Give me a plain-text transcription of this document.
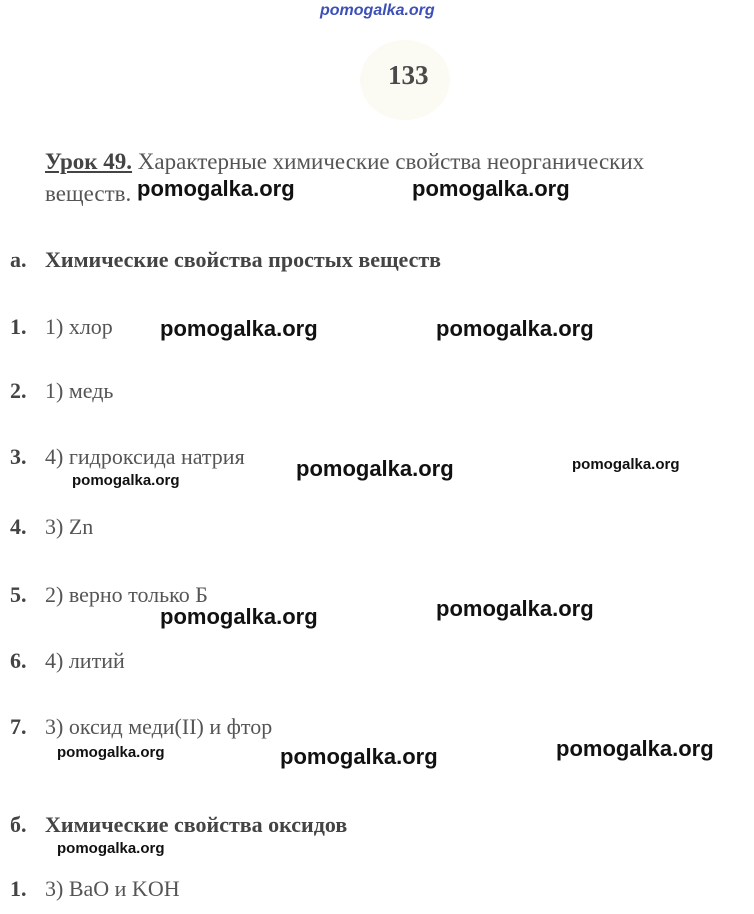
pomogalka.org
133
Урок 49. Характерные химические свойства неорганических
веществ.
а. Химические свойства простых веществ
1. 1) хлор
2. 1) медь
3. 4) гидроксида натрия
4. 3) Zn
5. 2) верно только Б
6. 4) литий
7. 3) оксид меди(II) и фтор
б. Химические свойства оксидов
1. 3) BaO и KOH
pomogalka.org	pomogalka.org
pomogalka.org	pomogalka.org
pomogalka.org	pomogalka.org
pomogalka.org
pomogalka.org	pomogalka.org
pomogalka.org	pomogalka.org	pomogalka.org
pomogalka.org
